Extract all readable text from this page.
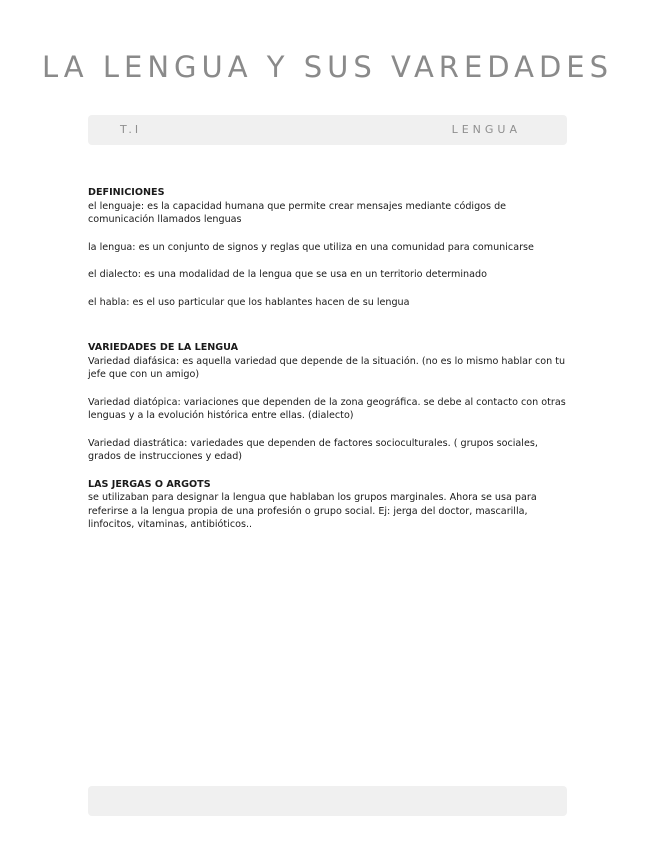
LA LENGUA Y SUS VAREDADES
T.I	LENGUA

DEFINICIONES

el lenguaje: es la capacidad humana que permite crear mensajes mediante códigos de comunicación llamados lenguas

la lengua: es un conjunto de signos y reglas que utiliza en una comunidad para comunicarse

el dialecto: es una modalidad de la lengua que se usa en un territorio determinado

el habla: es el uso particular que los hablantes hacen de su lengua

VARIEDADES DE LA LENGUA

Variedad diafásica: es aquella variedad que depende de la situación. (no es lo mismo hablar con tu jefe que con un amigo)

Variedad diatópica: variaciones que dependen de la zona geográfica. se debe al contacto con otras lenguas y a la evolución histórica entre ellas. (dialecto)

Variedad diastrática: variedades que dependen de factores socioculturales. ( grupos sociales, grados de instrucciones y edad)

LAS JERGAS O ARGOTS

se utilizaban para designar la lengua que hablaban los grupos marginales. Ahora se usa para referirse a la lengua propia de una profesión o grupo social. Ej: jerga del doctor, mascarilla, linfocitos, vitaminas, antibióticos..
